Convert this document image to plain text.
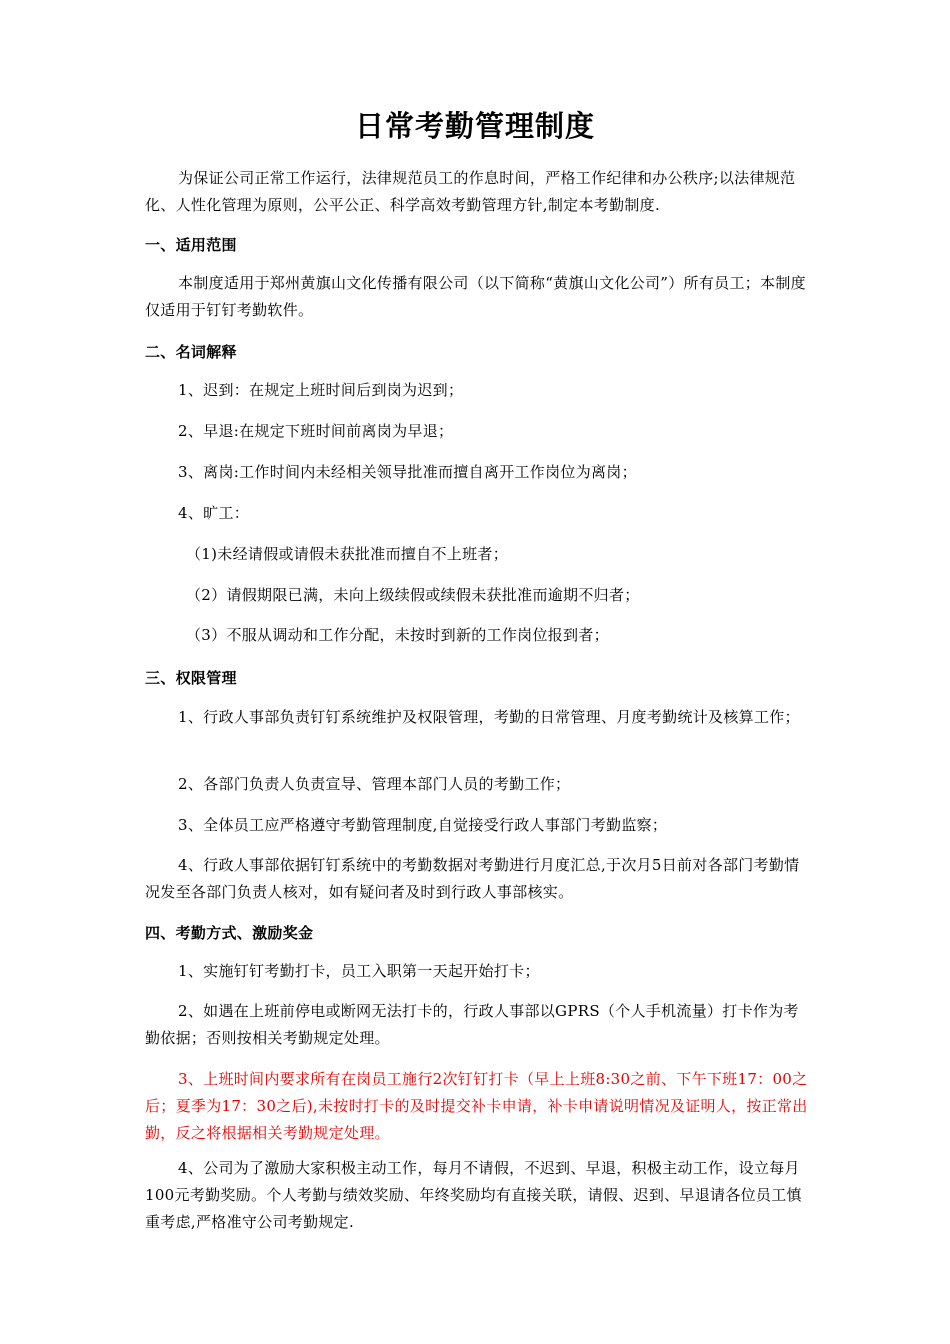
日常考勤管理制度
为保证公司正常工作运行，法律规范员工的作息时间，严格工作纪律和办公秩序;以法律规范化、人性化管理为原则，公平公正、科学高效考勤管理方针,制定本考勤制度.
一、适用范围
本制度适用于郑州黄旗山文化传播有限公司（以下简称“黄旗山文化公司”）所有员工；本制度仅适用于钉钉考勤软件。
二、名词解释
1、迟到：在规定上班时间后到岗为迟到；
2、早退:在规定下班时间前离岗为早退；
3、离岗:工作时间内未经相关领导批准而擅自离开工作岗位为离岗；
4、旷工：
（1)未经请假或请假未获批准而擅自不上班者；
（2）请假期限已满，未向上级续假或续假未获批准而逾期不归者；
（3）不服从调动和工作分配，未按时到新的工作岗位报到者；
三、权限管理
1、行政人事部负责钉钉系统维护及权限管理，考勤的日常管理、月度考勤统计及核算工作；
2、各部门负责人负责宣导、管理本部门人员的考勤工作；
3、全体员工应严格遵守考勤管理制度,自觉接受行政人事部门考勤监察；
4、行政人事部依据钉钉系统中的考勤数据对考勤进行月度汇总,于次月5日前对各部门考勤情况发至各部门负责人核对，如有疑问者及时到行政人事部核实。
四、考勤方式、激励奖金
1、实施钉钉考勤打卡，员工入职第一天起开始打卡；
2、如遇在上班前停电或断网无法打卡的，行政人事部以GPRS（个人手机流量）打卡作为考勤依据；否则按相关考勤规定处理。
3、上班时间内要求所有在岗员工施行2次钉钉打卡（早上上班8:30之前、下午下班17：00之后；夏季为17：30之后),未按时打卡的及时提交补卡申请，补卡申请说明情况及证明人，按正常出勤，反之将根据相关考勤规定处理。
4、公司为了激励大家积极主动工作，每月不请假，不迟到、早退，积极主动工作，设立每月100元考勤奖励。个人考勤与绩效奖励、年终奖励均有直接关联，请假、迟到、早退请各位员工慎重考虑,严格准守公司考勤规定.
